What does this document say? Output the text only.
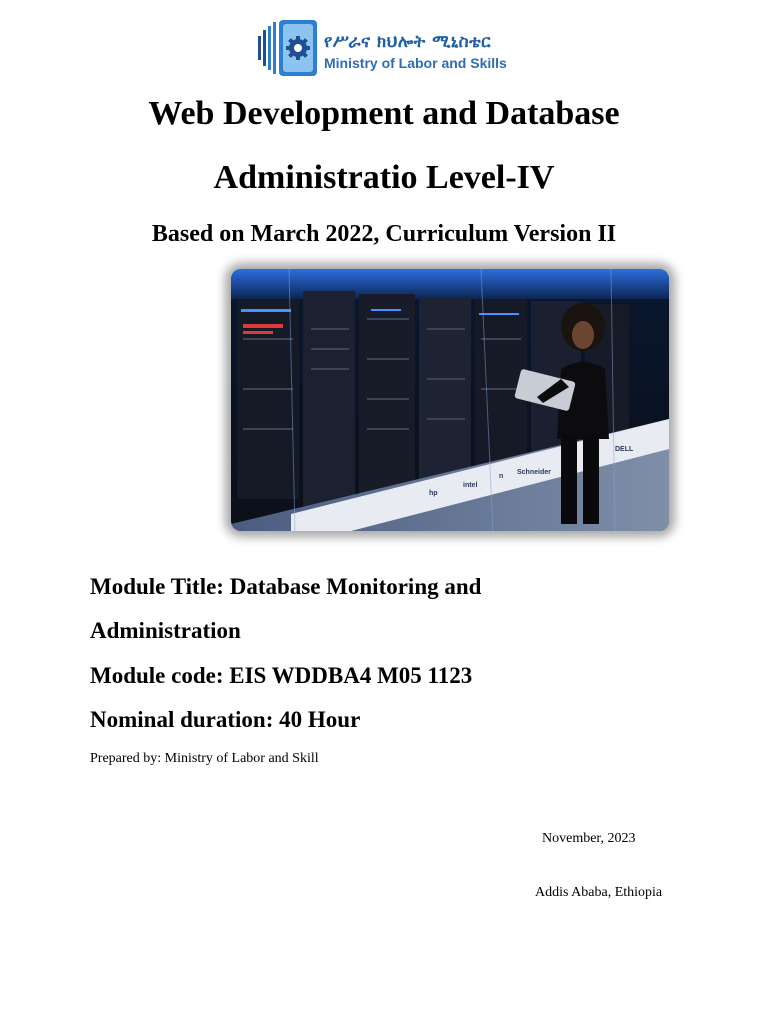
የሥራና ክህሎት ሚኒስቴር
Ministry of Labor and Skills
Web Development and Database
Administratio Level-IV
Based on March 2022, Curriculum Version II
hp
intel
n
Schneider
DELL
Module Title: Database Monitoring and
Administration
Module code: EIS WDDBA4 M05 1123
Nominal duration: 40 Hour
Prepared by: Ministry of Labor and Skill
November, 2023
Addis Ababa, Ethiopia
